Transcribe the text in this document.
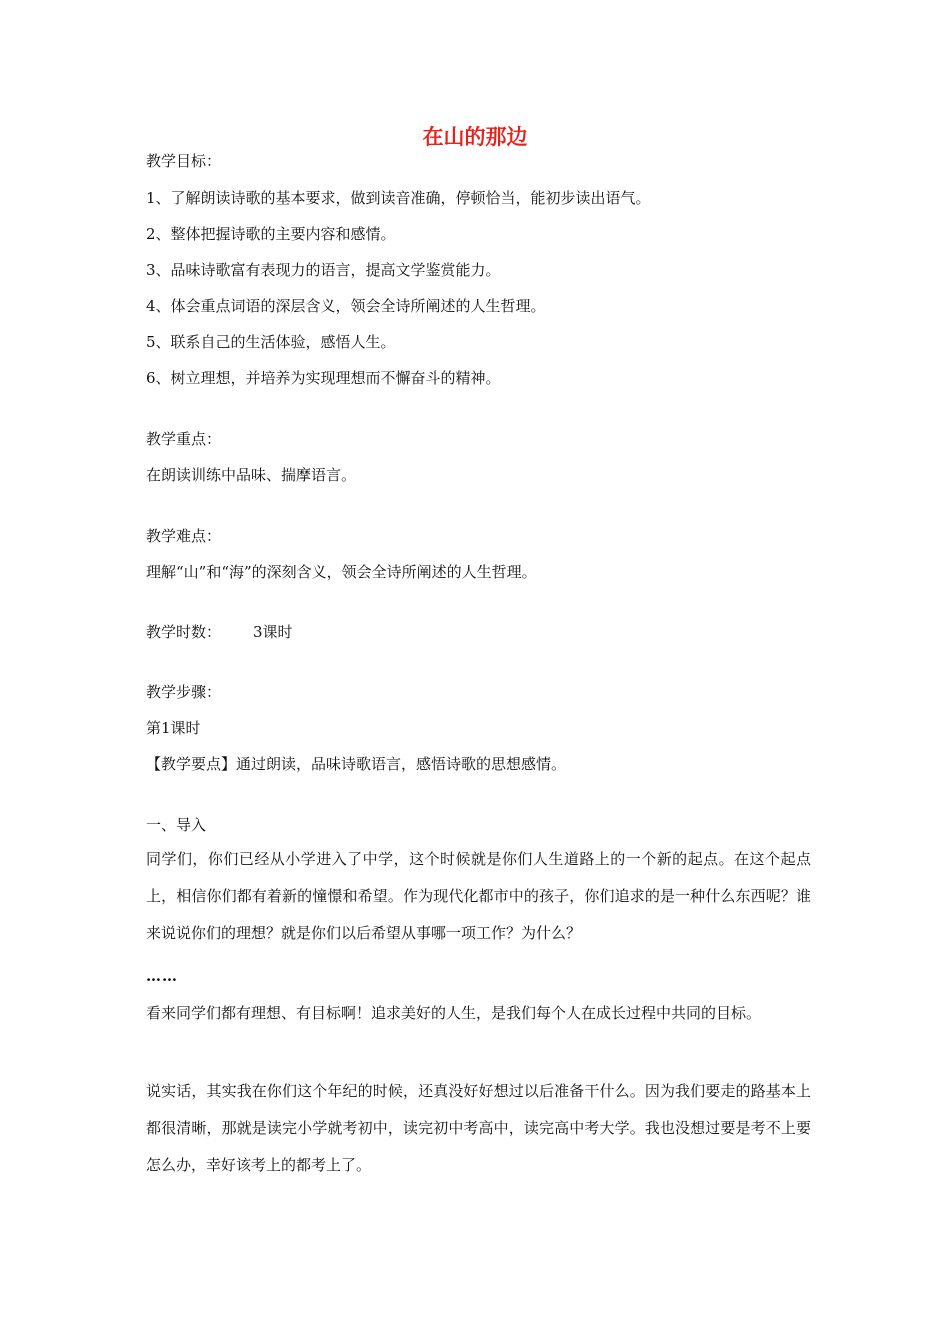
在山的那边
教学目标：
1、了解朗读诗歌的基本要求，做到读音准确，停顿恰当，能初步读出语气。
2、整体把握诗歌的主要内容和感情。
3、品味诗歌富有表现力的语言，提高文学鉴赏能力。
4、体会重点词语的深层含义，领会全诗所阐述的人生哲理。
5、联系自己的生活体验，感悟人生。
6、树立理想，并培养为实现理想而不懈奋斗的精神。
教学重点：
在朗读训练中品味、揣摩语言。
教学难点：
理解“山”和“海”的深刻含义，领会全诗所阐述的人生哲理。
教学时数： 3课时
教学步骤：
第1课时
【教学要点】通过朗读，品味诗歌语言，感悟诗歌的思想感情。
一、导入
同学们，你们已经从小学进入了中学，这个时候就是你们人生道路上的一个新的起点。在这个起点上，相信你们都有着新的憧憬和希望。作为现代化都市中的孩子，你们追求的是一种什么东西呢？谁来说说你们的理想？就是你们以后希望从事哪一项工作？为什么？
……
看来同学们都有理想、有目标啊！追求美好的人生，是我们每个人在成长过程中共同的目标。
说实话，其实我在你们这个年纪的时候，还真没好好想过以后准备干什么。因为我们要走的路基本上都很清晰，那就是读完小学就考初中，读完初中考高中，读完高中考大学。我也没想过要是考不上要怎么办，幸好该考上的都考上了。
